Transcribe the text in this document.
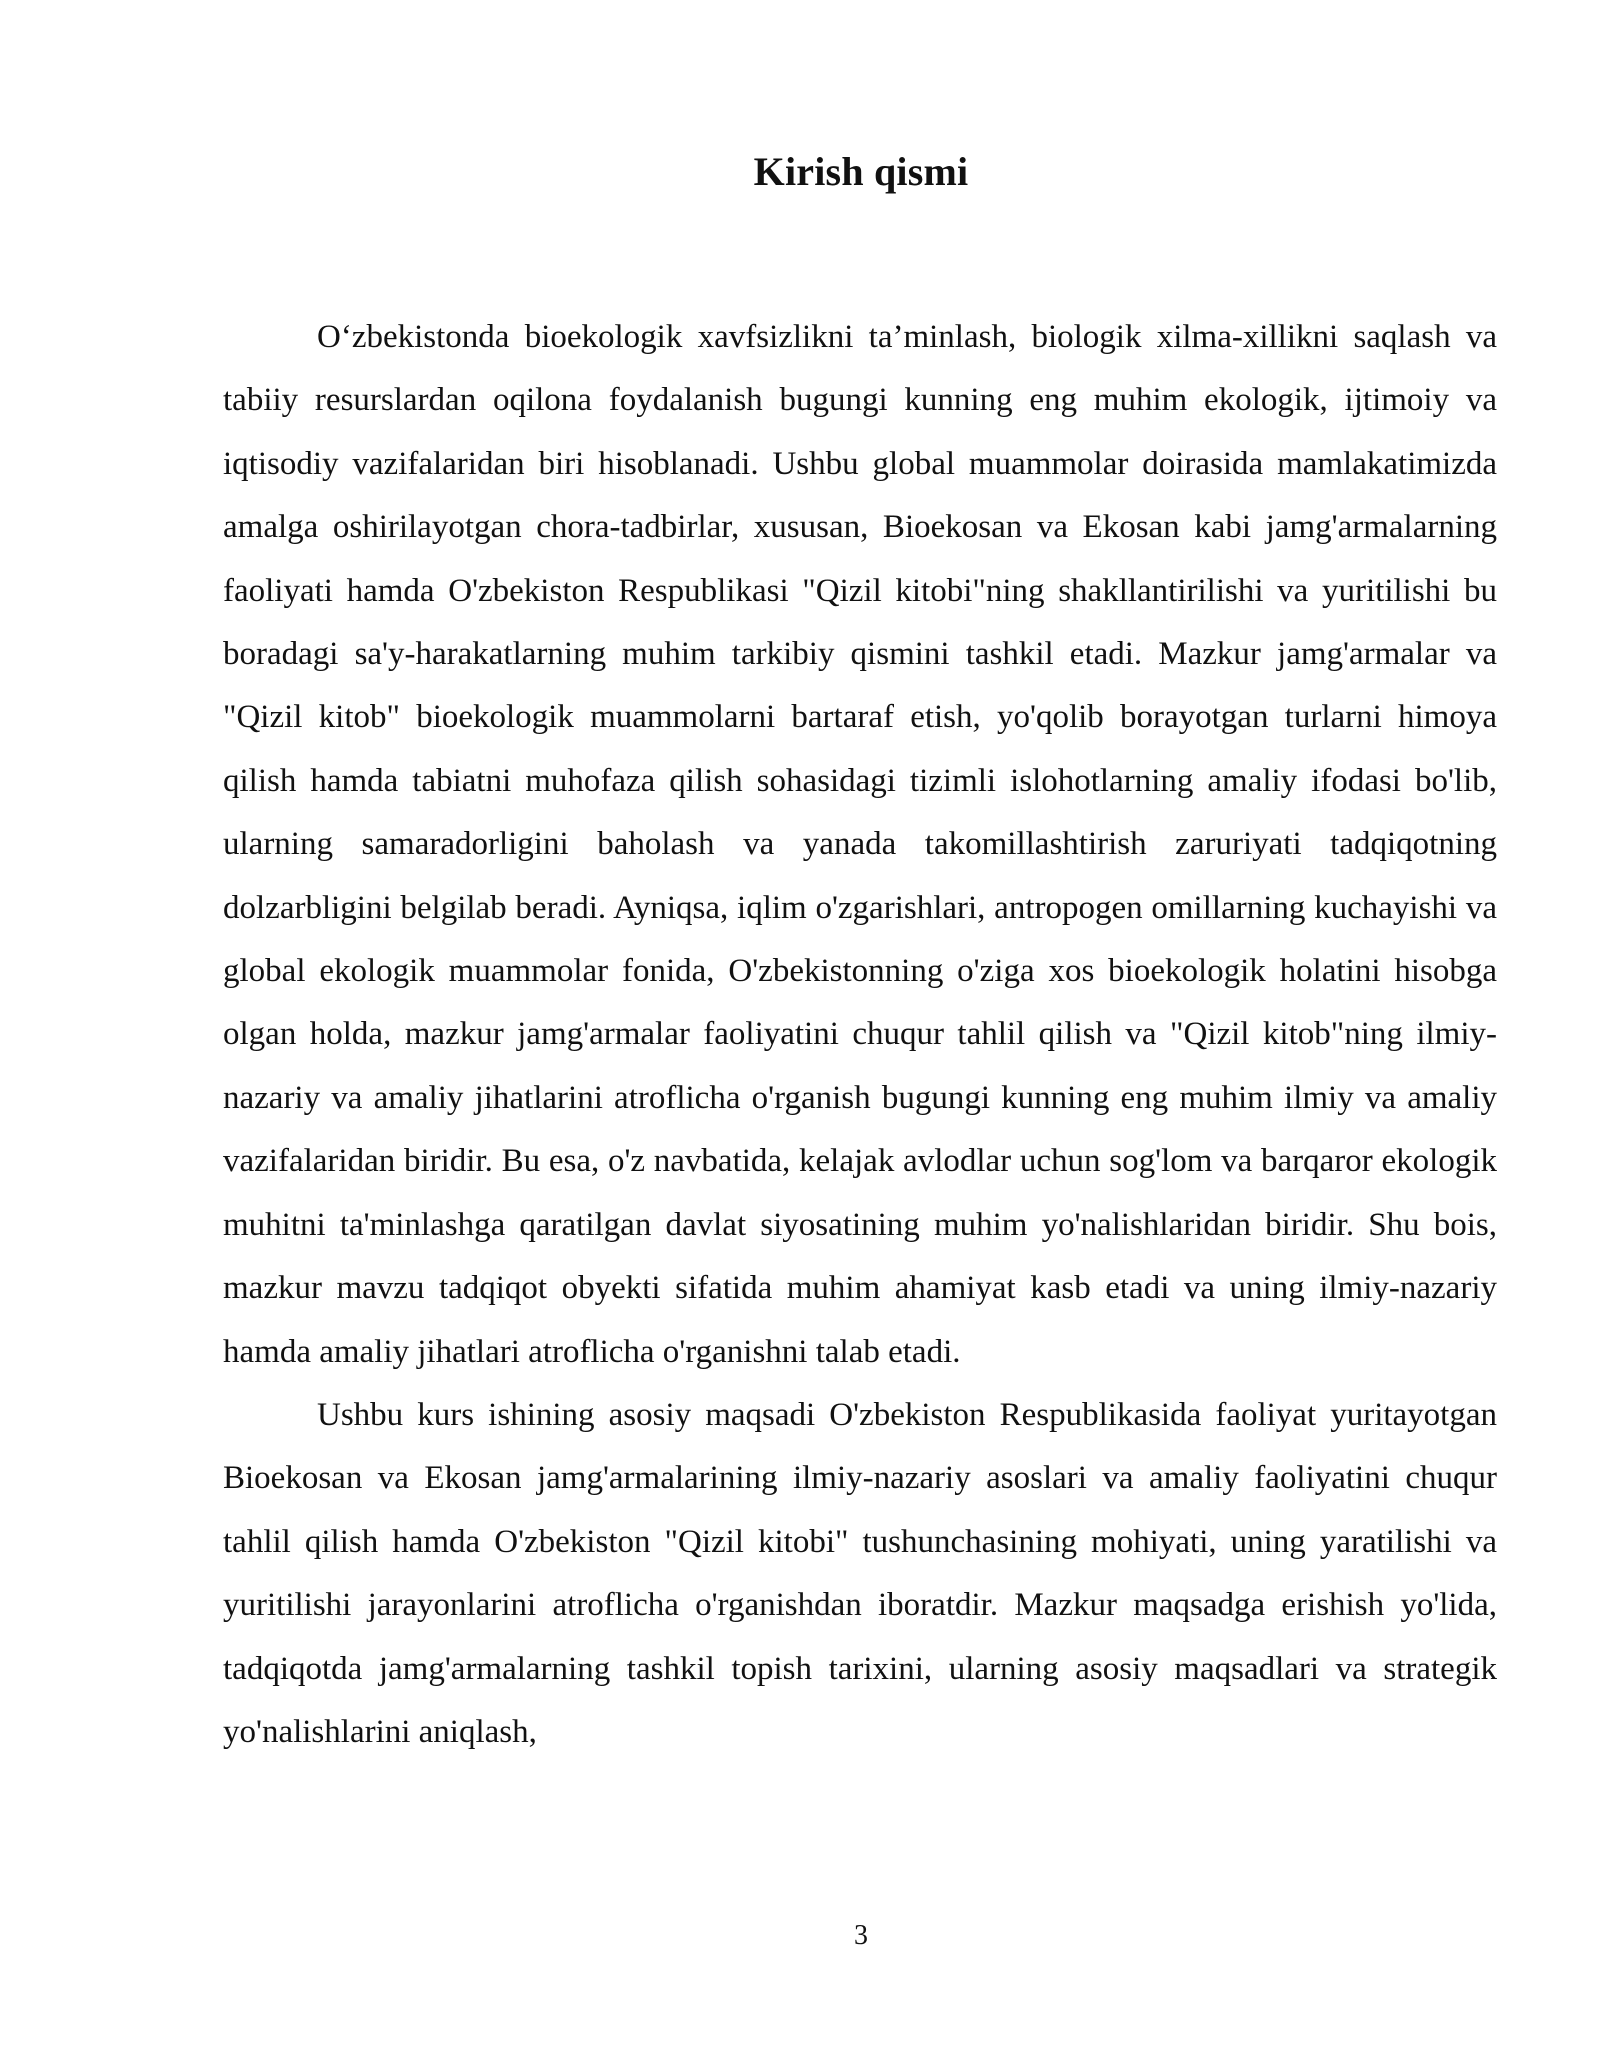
Kirish qismi

O‘zbekistonda bioekologik xavfsizlikni ta’minlash, biologik xilma-xillikni saqlash va tabiiy resurslardan oqilona foydalanish bugungi kunning eng muhim ekologik, ijtimoiy va iqtisodiy vazifalaridan biri hisoblanadi. Ushbu global muammolar doirasida mamlakatimizda amalga oshirilayotgan chora-tadbirlar, xususan, Bioekosan va Ekosan kabi jamg'armalarning faoliyati hamda O'zbekiston Respublikasi "Qizil kitobi"ning shakllantirilishi va yuritilishi bu boradagi sa'y-harakatlarning muhim tarkibiy qismini tashkil etadi. Mazkur jamg'armalar va "Qizil kitob" bioekologik muammolarni bartaraf etish, yo'qolib borayotgan turlarni himoya qilish hamda tabiatni muhofaza qilish sohasidagi tizimli islohotlarning amaliy ifodasi bo'lib, ularning samaradorligini baholash va yanada takomillashtirish zaruriyati tadqiqotning dolzarbligini belgilab beradi. Ayniqsa, iqlim o'zgarishlari, antropogen omillarning kuchayishi va global ekologik muammolar fonida, O'zbekistonning o'ziga xos bioekologik holatini hisobga olgan holda, mazkur jamg'armalar faoliyatini chuqur tahlil qilish va "Qizil kitob"ning ilmiy-nazariy va amaliy jihatlarini atroflicha o'rganish bugungi kunning eng muhim ilmiy va amaliy vazifalaridan biridir. Bu esa, o'z navbatida, kelajak avlodlar uchun sog'lom va barqaror ekologik muhitni ta'minlashga qaratilgan davlat siyosatining muhim yo'nalishlaridan biridir. Shu bois, mazkur mavzu tadqiqot obyekti sifatida muhim ahamiyat kasb etadi va uning ilmiy-nazariy hamda amaliy jihatlari atroflicha o'rganishni talab etadi.

Ushbu kurs ishining asosiy maqsadi O'zbekiston Respublikasida faoliyat yuritayotgan Bioekosan va Ekosan jamg'armalarining ilmiy-nazariy asoslari va amaliy faoliyatini chuqur tahlil qilish hamda O'zbekiston "Qizil kitobi" tushunchasining mohiyati, uning yaratilishi va yuritilishi jarayonlarini atroflicha o'rganishdan iboratdir. Mazkur maqsadga erishish yo'lida, tadqiqotda jamg'armalarning tashkil topish tarixini, ularning asosiy maqsadlari va strategik yo'nalishlarini aniqlash,

3
